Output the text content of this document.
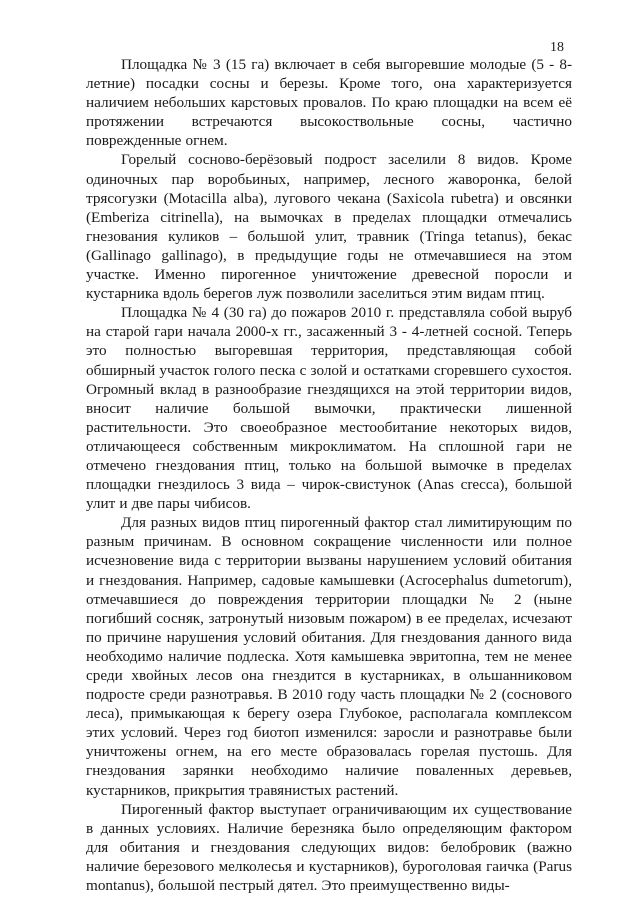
18

Площадка № 3 (15 га) включает в себя выгоревшие молодые (5 - 8-летние) посадки сосны и березы. Кроме того, она характеризуется наличием небольших карстовых провалов. По краю площадки на всем её протяжении встречаются высокоствольные сосны, частично поврежденные огнем.

Горелый сосново-берёзовый подрост заселили 8 видов. Кроме одиночных пар воробьиных, например, лесного жаворонка, белой трясогузки (Motacilla alba), лугового чекана (Saxicola rubetra) и овсянки (Emberiza citrinella), на вымочках в пределах площадки отмечались гнезования куликов – большой улит, травник (Tringa tetanus), бекас (Gallinago gallinago), в предыдущие годы не отмечавшиеся на этом участке. Именно пирогенное уничтожение древесной поросли и кустарника вдоль берегов луж позволили заселиться этим видам птиц.

Площадка № 4 (30 га) до пожаров 2010 г. представляла собой выруб на старой гари начала 2000-х гг., засаженный 3 - 4-летней сосной. Теперь это полностью выгоревшая территория, представляющая собой обширный участок голого песка с золой и остатками сгоревшего сухостоя. Огромный вклад в разнообразие гнездящихся на этой территории видов, вносит наличие большой вымочки, практически лишенной растительности. Это своеобразное местообитание некоторых видов, отличающееся собственным микроклиматом. На сплошной гари не отмечено гнездования птиц, только на большой вымочке в пределах площадки гнездилось 3 вида – чирок-свистунок (Anas crecca), большой улит и две пары чибисов.

Для разных видов птиц пирогенный фактор стал лимитирующим по разным причинам. В основном сокращение численности или полное исчезновение вида с территории вызваны нарушением условий обитания и гнездования. Например, садовые камышевки (Acrocephalus dumetorum), отмечавшиеся до повреждения территории площадки № 2 (ныне погибший сосняк, затронутый низовым пожаром) в ее пределах, исчезают по причине нарушения условий обитания. Для гнездования данного вида необходимо наличие подлеска. Хотя камышевка эвритопна, тем не менее среди хвойных лесов она гнездится в кустарниках, в ольшанниковом подросте среди разнотравья. В 2010 году часть площадки № 2 (соснового леса), примыкающая к берегу озера Глубокое, располагала комплексом этих условий. Через год биотоп изменился: заросли и разнотравье были уничтожены огнем, на его месте образовалась горелая пустошь. Для гнездования зарянки необходимо наличие поваленных деревьев, кустарников, прикрытия травянистых растений.

Пирогенный фактор выступает ограничивающим их существование в данных условиях. Наличие березняка было определяющим фактором для обитания и гнездования следующих видов: белобровик (важно наличие березового мелколесья и кустарников), буроголовая гаичка (Parus montanus), большой пестрый дятел. Это преимущественно виды-
